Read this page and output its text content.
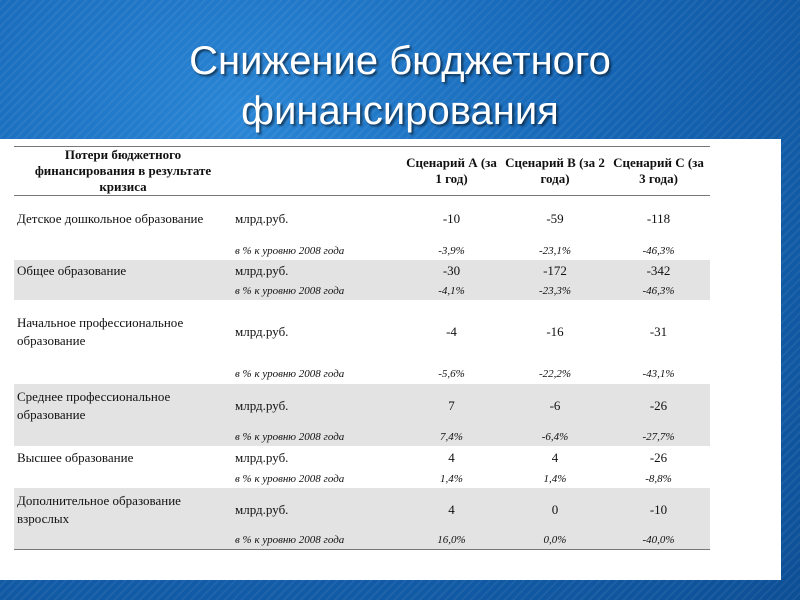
Снижение бюджетного
финансирования
Потери бюджетного финансирования в результате кризиса		Сценарий А (за 1 год)	Сценарий В (за 2 года)	Сценарий С (за 3 года)
Детское дошкольное образование	млрд.руб.	-10	-59	-118
	в % к уровню 2008 года	-3,9%	-23,1%	-46,3%
Общее образование	млрд.руб.	-30	-172	-342
	в % к уровню 2008 года	-4,1%	-23,3%	-46,3%
Начальное профессиональное образование	млрд.руб.	-4	-16	-31
	в % к уровню 2008 года	-5,6%	-22,2%	-43,1%
Среднее профессиональное образование	млрд.руб.	7	-6	-26
	в % к уровню 2008 года	7,4%	-6,4%	-27,7%
Высшее образование	млрд.руб.	4	4	-26
	в % к уровню 2008 года	1,4%	1,4%	-8,8%
Дополнительное образование взрослых	млрд.руб.	4	0	-10
	в % к уровню 2008 года	16,0%	0,0%	-40,0%
